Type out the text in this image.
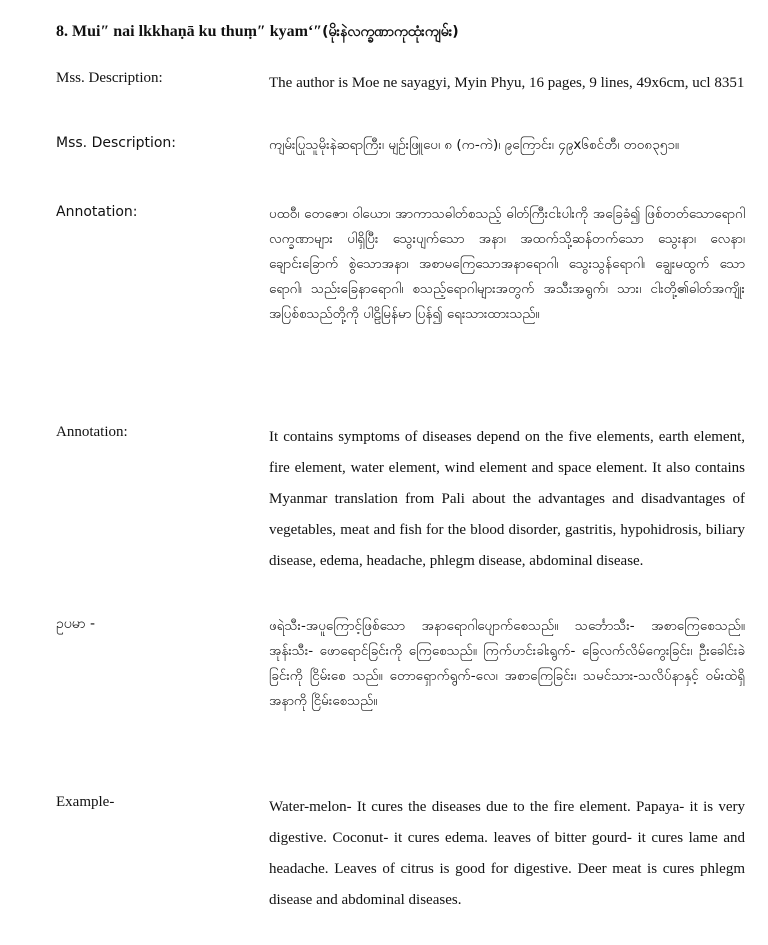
8. Mui″ nai lkkhaṇā ku thuṃ″ kyam‘″(မိုးနဲလက္ခဏာကုထုံးကျမ်း)
Mss. Description:	The author is Moe ne sayagyi, Myin Phyu, 16 pages, 9 lines, 49x6cm, ucl 8351
Mss. Description:	ကျမ်းပြုသူမိုးနဲဆရာကြီး၊ မျဉ်းဖြူပေ၊ ၈ (က-ကဲ)၊ ၉ကြောင်း၊ ၄၉x၆စင်တီ၊ တ၀၈၃၅၁။
Annotation:	ပထဝီ၊ တေဇော၊ ဝါယော၊ အာကာသဓါတ်စသည့် ဓါတ်ကြီးငါးပါးကို အခြေခံ၍ ဖြစ်တတ်သောရောဂါလက္ခဏာများ ပါရှိပြီး သွေးပျက်သော အနာ၊ အထက်သို့ဆန်တက်သော သွေးနာ၊ လေနာ၊ ချောင်းခြောက် စွဲသောအနာ၊ အစာမကြေသောအနာရောဂါ၊ သွေးသွန်ရောဂါ၊ ချွေးမထွက် သောရောဂါ၊ သည်းခြေနာရောဂါ၊ စသည့်ရောဂါများအတွက် အသီးအရွက်၊ သား၊ ငါးတို့၏ဓါတ်အကျိုးအပြစ်စသည်တို့ကို ပါဠိမြန်မာ ပြန်၍ ရေးသားထားသည်။
Annotation:	It contains symptoms of diseases depend on the five elements, earth element, fire element, water element, wind element and space element. It also contains Myanmar translation from Pali about the advantages and disadvantages of vegetables, meat and fish for the blood disorder, gastritis, hypohidrosis, biliary disease, edema, headache, phlegm disease, abdominal disease.
ဥပမာ -	ဖရဲသီး-အပူကြောင့်ဖြစ်သော အနာရောဂါပျောက်စေသည်။ သင်္ဘောသီး- အစာကြေစေသည်။ အုန်းသီး- ဖောရောင်ခြင်းကို ကြေစေသည်။ ကြက်ဟင်းခါးရွက်- ခြေလက်လိမ်ကွေးခြင်း၊ ဦးခေါင်းခဲခြင်းကို ငြိမ်းစေ သည်။ တောရှောက်ရွက်-လေ၊ အစာကြေခြင်း၊ သမင်သား-သလိပ်နာနှင့် ဝမ်းထဲရှိအနာကို ငြိမ်းစေသည်။
Example-	Water-melon- It cures the diseases due to the fire element. Papaya- it is very digestive. Coconut- it cures edema. leaves of bitter gourd- it cures lame and headache. Leaves of citrus is good for digestive. Deer meat is cures phlegm disease and abdominal diseases.
